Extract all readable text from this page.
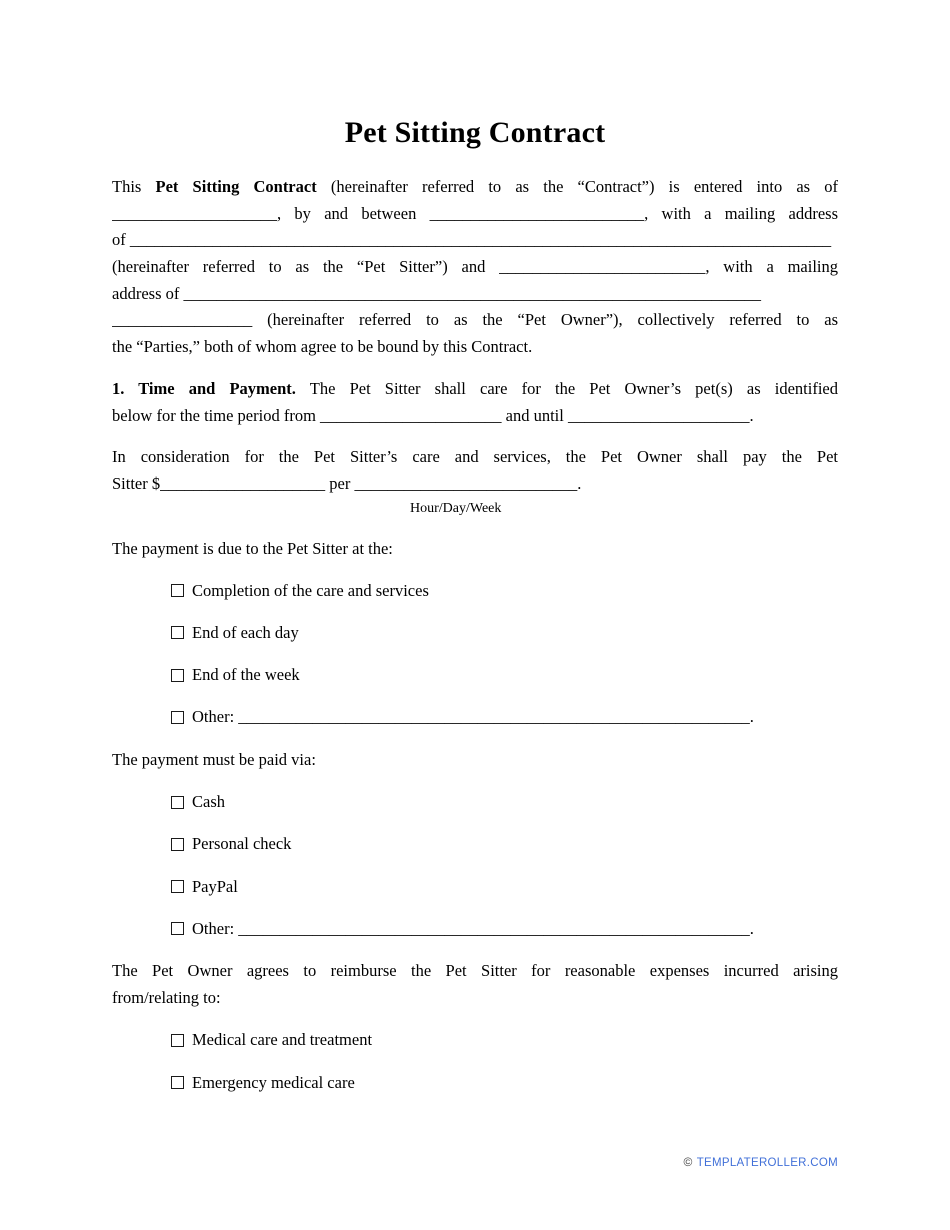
Pet Sitting Contract
This Pet Sitting Contract (hereinafter referred to as the “Contract”) is entered into as of
____________________, by and between __________________________, with a mailing address
of _____________________________________________________________________________________
(hereinafter referred to as the “Pet Sitter”) and _________________________, with a mailing
address of ______________________________________________________________________
_________________ (hereinafter referred to as the “Pet Owner”), collectively referred to as
the “Parties,” both of whom agree to be bound by this Contract.
1. Time and Payment. The Pet Sitter shall care for the Pet Owner’s pet(s) as identified
below for the time period from ______________________ and until ______________________.
In consideration for the Pet Sitter’s care and services, the Pet Owner shall pay the Pet
Sitter $____________________ per ___________________________.
Hour/Day/Week
The payment is due to the Pet Sitter at the:
Completion of the care and services
End of each day
End of the week
Other: ______________________________________________________________.
The payment must be paid via:
Cash
Personal check
PayPal
Other: ______________________________________________________________.
The Pet Owner agrees to reimburse the Pet Sitter for reasonable expenses incurred arising
from/relating to:
Medical care and treatment
Emergency medical care
© TEMPLATEROLLER.COM
